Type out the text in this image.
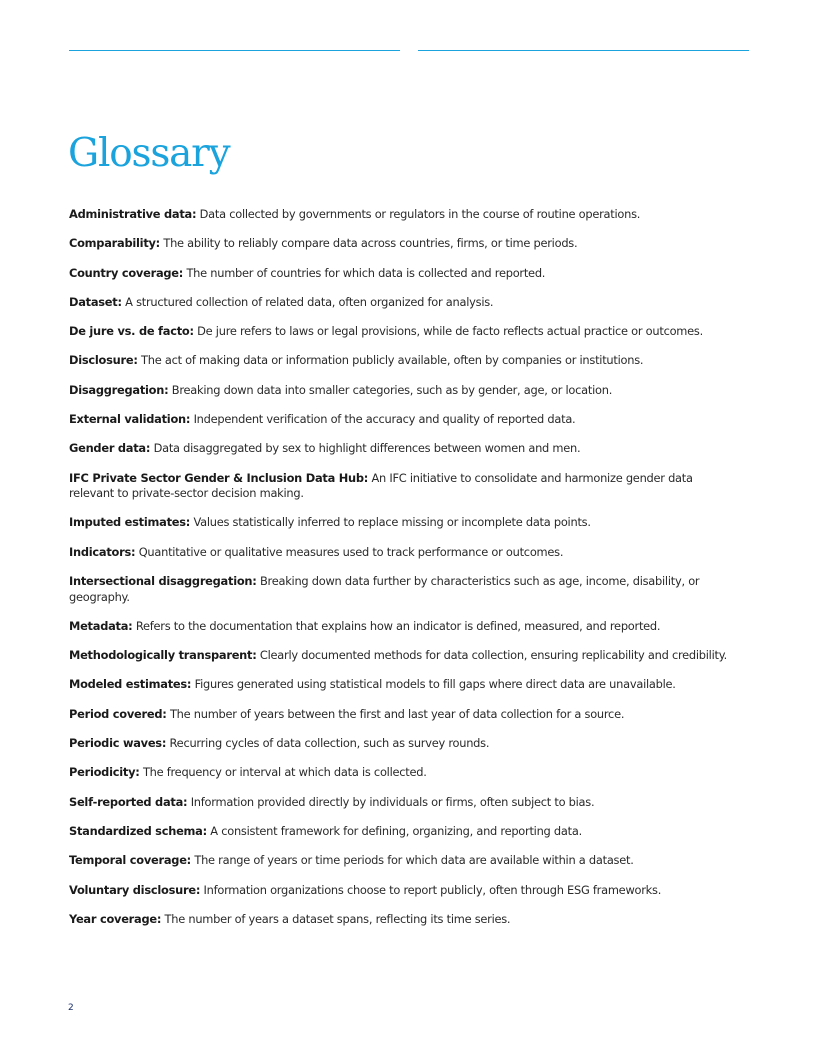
Glossary
Administrative data: Data collected by governments or regulators in the course of routine operations.
Comparability: The ability to reliably compare data across countries, firms, or time periods.
Country coverage: The number of countries for which data is collected and reported.
Dataset: A structured collection of related data, often organized for analysis.
De jure vs. de facto: De jure refers to laws or legal provisions, while de facto reflects actual practice or outcomes.
Disclosure: The act of making data or information publicly available, often by companies or institutions.
Disaggregation: Breaking down data into smaller categories, such as by gender, age, or location.
External validation: Independent verification of the accuracy and quality of reported data.
Gender data: Data disaggregated by sex to highlight differences between women and men.
IFC Private Sector Gender & Inclusion Data Hub: An IFC initiative to consolidate and harmonize gender data relevant to private-sector decision making.
Imputed estimates: Values statistically inferred to replace missing or incomplete data points.
Indicators: Quantitative or qualitative measures used to track performance or outcomes.
Intersectional disaggregation: Breaking down data further by characteristics such as age, income, disability, or geography.
Metadata: Refers to the documentation that explains how an indicator is defined, measured, and reported.
Methodologically transparent: Clearly documented methods for data collection, ensuring replicability and credibility.
Modeled estimates: Figures generated using statistical models to fill gaps where direct data are unavailable.
Period covered: The number of years between the first and last year of data collection for a source.
Periodic waves: Recurring cycles of data collection, such as survey rounds.
Periodicity: The frequency or interval at which data is collected.
Self-reported data: Information provided directly by individuals or firms, often subject to bias.
Standardized schema: A consistent framework for defining, organizing, and reporting data.
Temporal coverage: The range of years or time periods for which data are available within a dataset.
Voluntary disclosure: Information organizations choose to report publicly, often through ESG frameworks.
Year coverage: The number of years a dataset spans, reflecting its time series.
2
